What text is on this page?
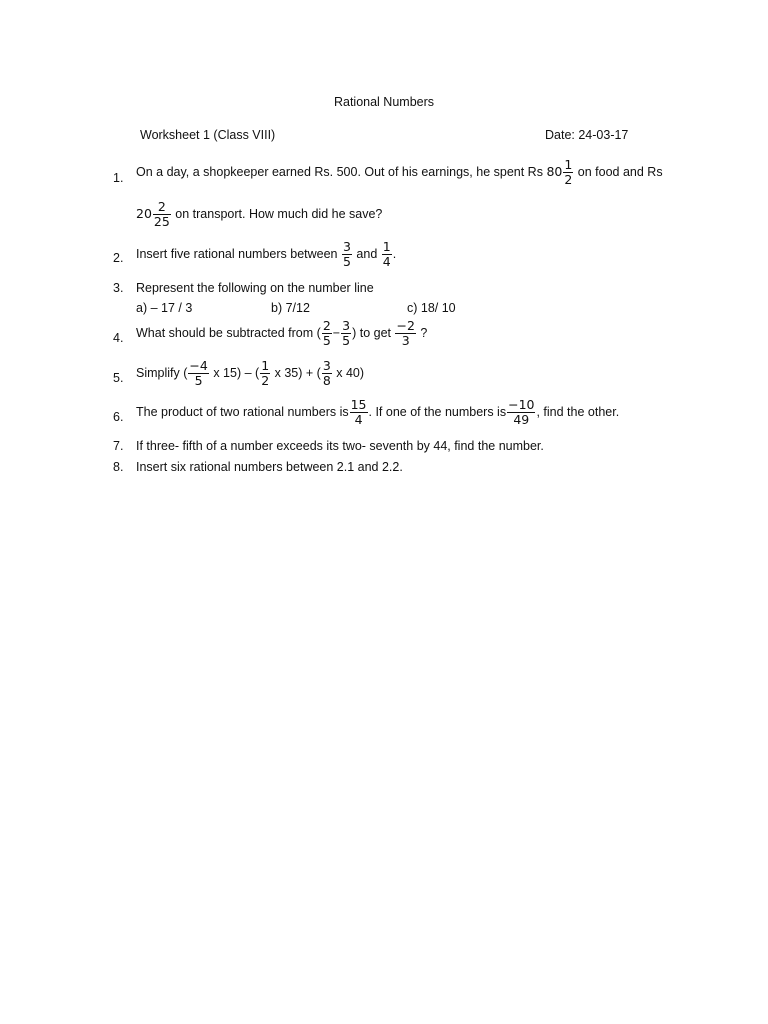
Rational Numbers
Worksheet 1 (Class VIII)	Date: 24-03-17
1.	On a day, a shopkeeper earned Rs. 500. Out of his earnings, he spent Rs $80 \frac{1}{2}$ on food and Rs
$20 \frac{2}{25}$ on transport. How much did he save?
2.	Insert five rational numbers between $\frac{3}{5}$ and $\frac{1}{4}$ .
3.	Represent the following on the number line
a) – 17 / 3	b) 7/12	c) 18/ 10
4.	What should be subtracted from ( $\frac{2}{5} - \frac{3}{5}$ ) to get $\frac{-2}{3}$ ?
5.	Simplify ( $\frac{-4}{5}$ x 15) – ( $\frac{1}{2}$ x 35) + ( $\frac{3}{8}$ x 40)
6.	The product of two rational numbers is $\frac{15}{4}$ . If one of the numbers is $\frac{-10}{49}$ , find the other.
7.	If three- fifth of a number exceeds its two- seventh by 44, find the number.
8.	Insert six rational numbers between 2.1 and 2.2.
